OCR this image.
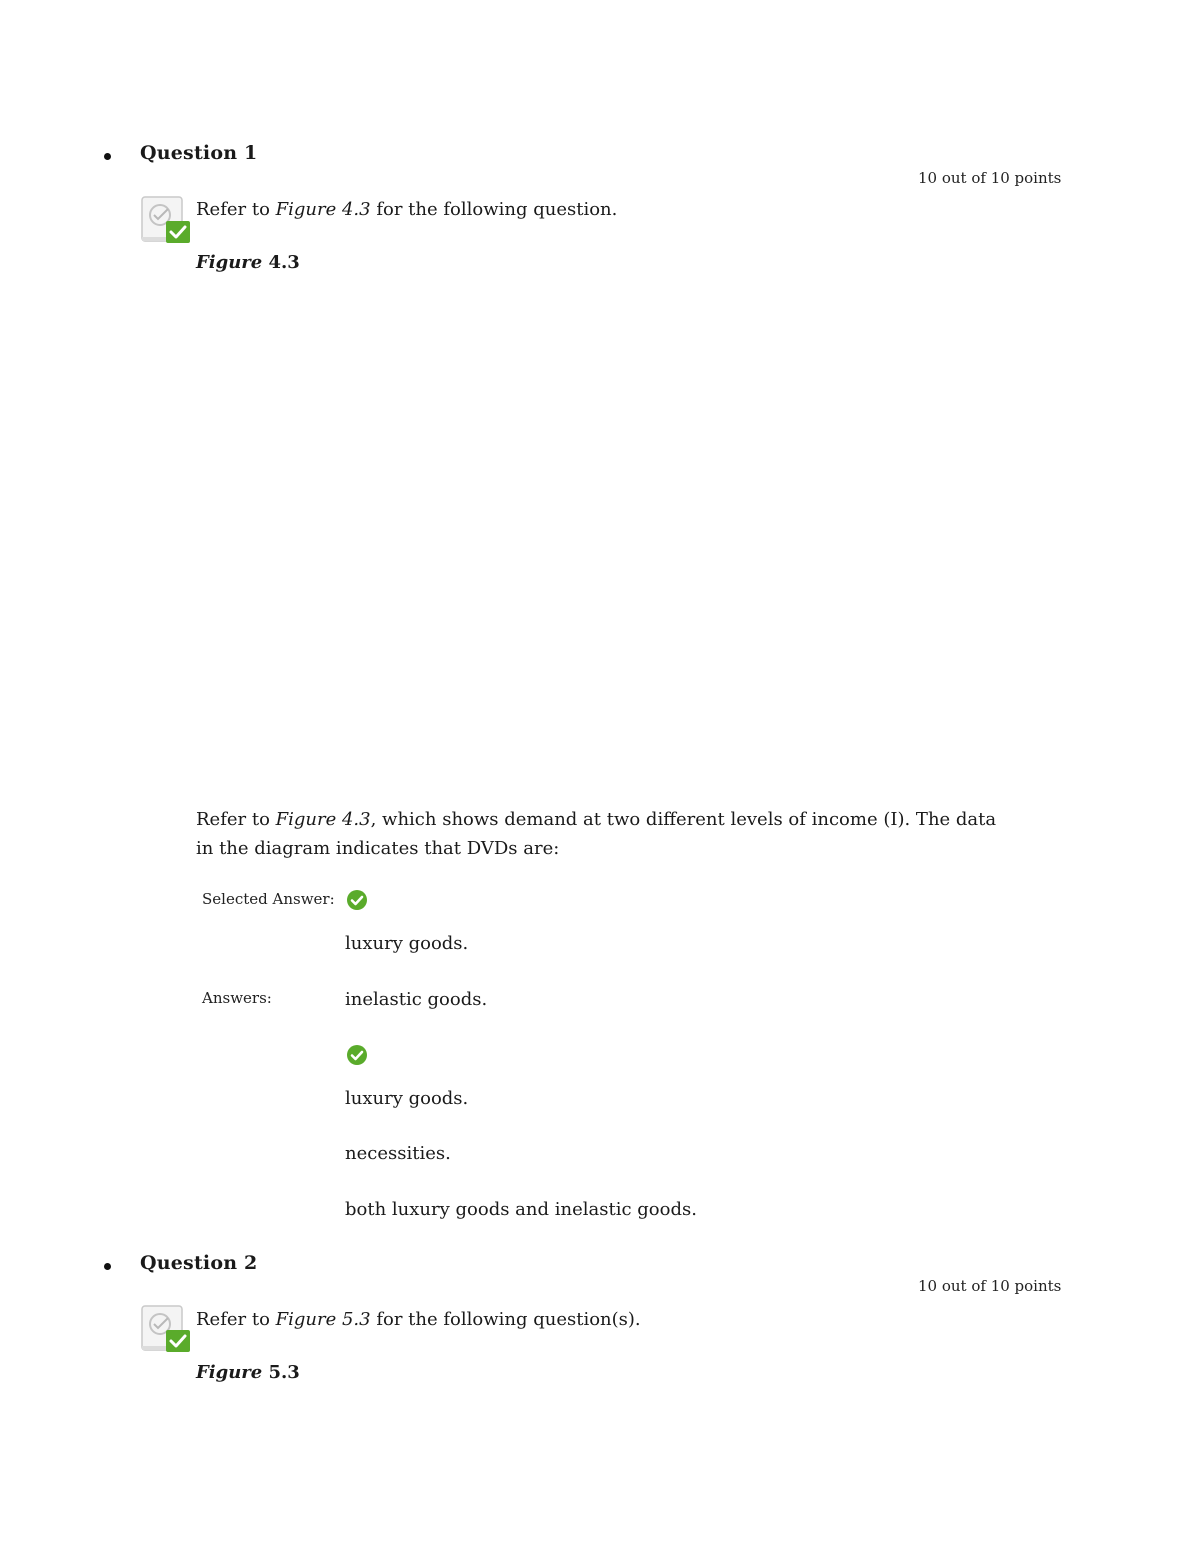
Question 1
10 out of 10 points
Refer to Figure 4.3 for the following question.
Figure 4.3
Refer to Figure 4.3, which shows demand at two different levels of income (I). The data in the diagram indicates that DVDs are:
Selected Answer:
luxury goods.
Answers:	inelastic goods.
luxury goods.
necessities.
both luxury goods and inelastic goods.
Question 2
10 out of 10 points
Refer to Figure 5.3 for the following question(s).
Figure 5.3
